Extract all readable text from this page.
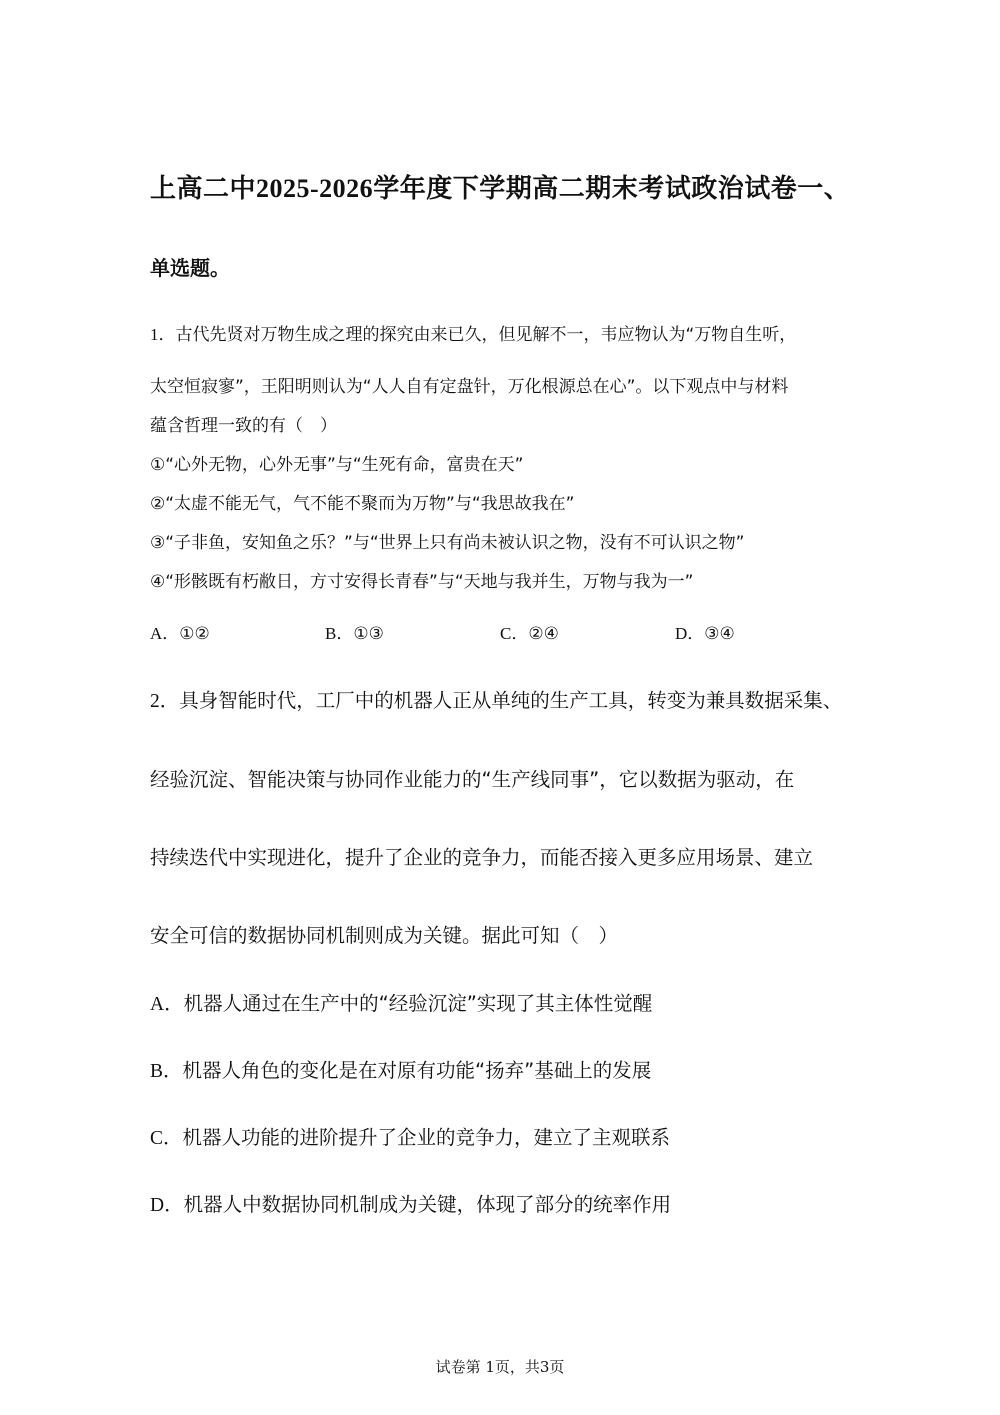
上高二中2025-2026学年度下学期高二期末考试政治试卷一、
单选题。
1．古代先贤对万物生成之理的探究由来已久，但见解不一，韦应物认为“万物自生听，
太空恒寂寥”，王阳明则认为“人人自有定盘针，万化根源总在心”。以下观点中与材料
蕴含哲理一致的有（　）
①“心外无物，心外无事”与“生死有命，富贵在天”
②“太虚不能无气，气不能不聚而为万物”与“我思故我在”
③“子非鱼，安知鱼之乐？”与“世界上只有尚未被认识之物，没有不可认识之物”
④“形骸既有朽敝日，方寸安得长青春”与“天地与我并生，万物与我为一”
A．①②	B．①③	C．②④	D．③④
2．具身智能时代，工厂中的机器人正从单纯的生产工具，转变为兼具数据采集、
经验沉淀、智能决策与协同作业能力的“生产线同事”，它以数据为驱动，在
持续迭代中实现进化，提升了企业的竞争力，而能否接入更多应用场景、建立
安全可信的数据协同机制则成为关键。据此可知（　）
A．机器人通过在生产中的“经验沉淀”实现了其主体性觉醒
B．机器人角色的变化是在对原有功能“扬弃”基础上的发展
C．机器人功能的进阶提升了企业的竞争力，建立了主观联系
D．机器人中数据协同机制成为关键，体现了部分的统率作用
试卷第 1页，共3页
